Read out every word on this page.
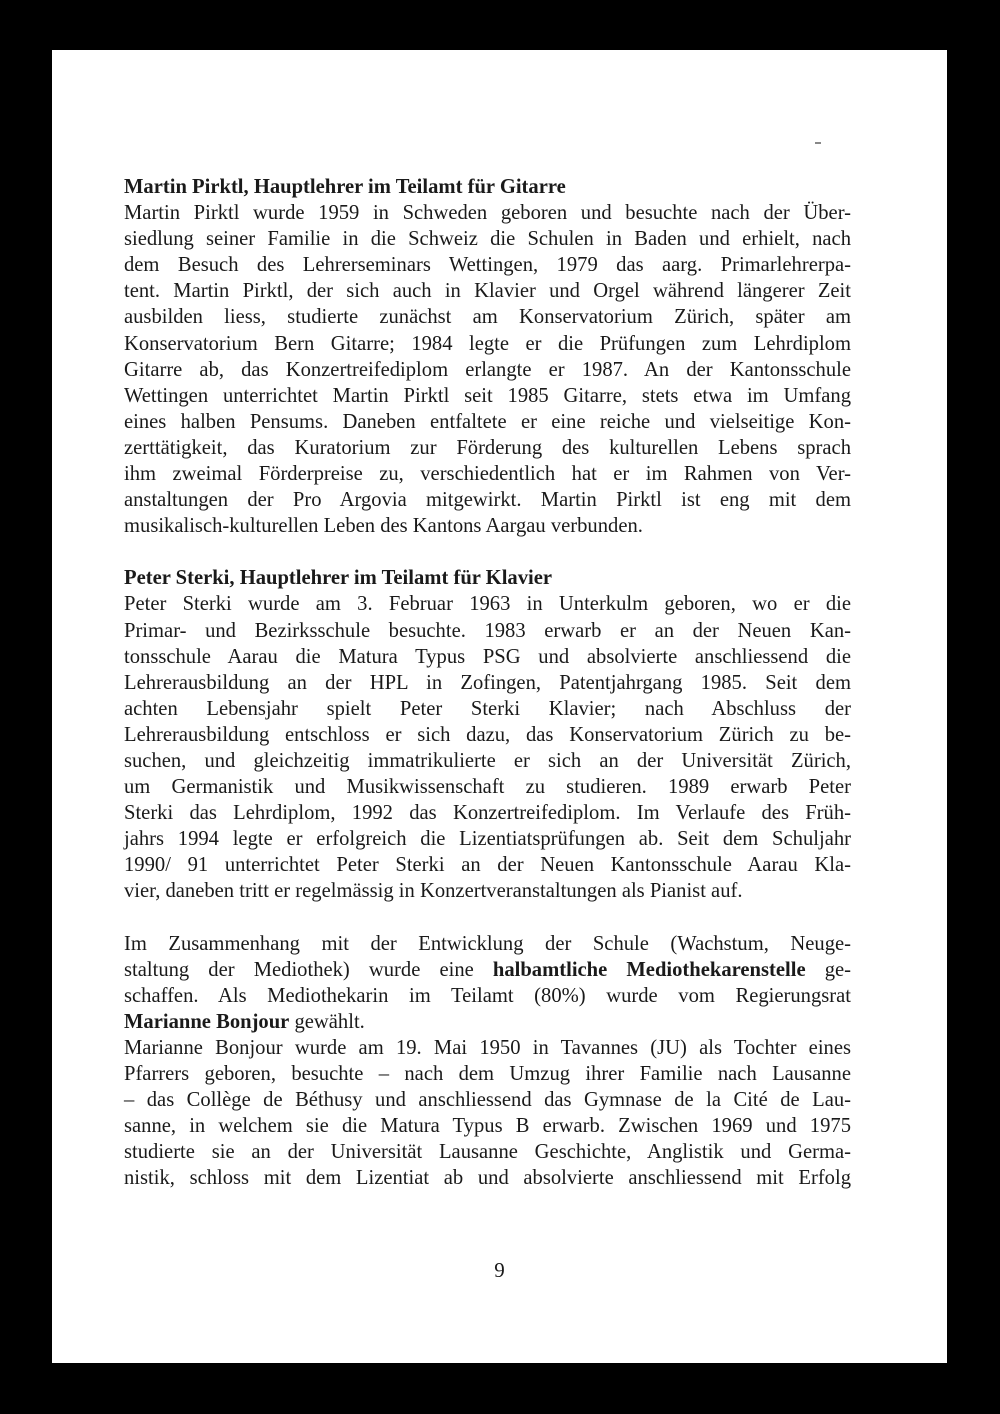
Martin Pirktl, Hauptlehrer im Teilamt für Gitarre

Martin Pirktl wurde 1959 in Schweden geboren und besuchte nach der Über-
siedlung seiner Familie in die Schweiz die Schulen in Baden und erhielt, nach
dem Besuch des Lehrerseminars Wettingen, 1979 das aarg. Primarlehrerpa-
tent. Martin Pirktl, der sich auch in Klavier und Orgel während längerer Zeit
ausbilden liess, studierte zunächst am Konservatorium Zürich, später am
Konservatorium Bern Gitarre; 1984 legte er die Prüfungen zum Lehrdiplom
Gitarre ab, das Konzertreifediplom erlangte er 1987. An der Kantonsschule
Wettingen unterrichtet Martin Pirktl seit 1985 Gitarre, stets etwa im Umfang
eines halben Pensums. Daneben entfaltete er eine reiche und vielseitige Kon-
zerttätigkeit, das Kuratorium zur Förderung des kulturellen Lebens sprach
ihm zweimal Förderpreise zu, verschiedentlich hat er im Rahmen von Ver-
anstaltungen der Pro Argovia mitgewirkt. Martin Pirktl ist eng mit dem
musikalisch-kulturellen Leben des Kantons Aargau verbunden.

Peter Sterki, Hauptlehrer im Teilamt für Klavier

Peter Sterki wurde am 3. Februar 1963 in Unterkulm geboren, wo er die
Primar- und Bezirksschule besuchte. 1983 erwarb er an der Neuen Kan-
tonsschule Aarau die Matura Typus PSG und absolvierte anschliessend die
Lehrerausbildung an der HPL in Zofingen, Patentjahrgang 1985. Seit dem
achten Lebensjahr spielt Peter Sterki Klavier; nach Abschluss der
Lehrerausbildung entschloss er sich dazu, das Konservatorium Zürich zu be-
suchen, und gleichzeitig immatrikulierte er sich an der Universität Zürich,
um Germanistik und Musikwissenschaft zu studieren. 1989 erwarb Peter
Sterki das Lehrdiplom, 1992 das Konzertreifediplom. Im Verlaufe des Früh-
jahrs 1994 legte er erfolgreich die Lizentiatsprüfungen ab. Seit dem Schuljahr
1990/ 91 unterrichtet Peter Sterki an der Neuen Kantonsschule Aarau Kla-
vier, daneben tritt er regelmässig in Konzertveranstaltungen als Pianist auf.

Im Zusammenhang mit der Entwicklung der Schule (Wachstum, Neuge-
staltung der Mediothek) wurde eine halbamtliche Mediothekarenstelle ge-
schaffen. Als Mediothekarin im Teilamt (80%) wurde vom Regierungsrat
Marianne Bonjour gewählt.

Marianne Bonjour wurde am 19. Mai 1950 in Tavannes (JU) als Tochter eines
Pfarrers geboren, besuchte – nach dem Umzug ihrer Familie nach Lausanne
– das Collège de Béthusy und anschliessend das Gymnase de la Cité de Lau-
sanne, in welchem sie die Matura Typus B erwarb. Zwischen 1969 und 1975
studierte sie an der Universität Lausanne Geschichte, Anglistik und Germa-
nistik, schloss mit dem Lizentiat ab und absolvierte anschliessend mit Erfolg

9
